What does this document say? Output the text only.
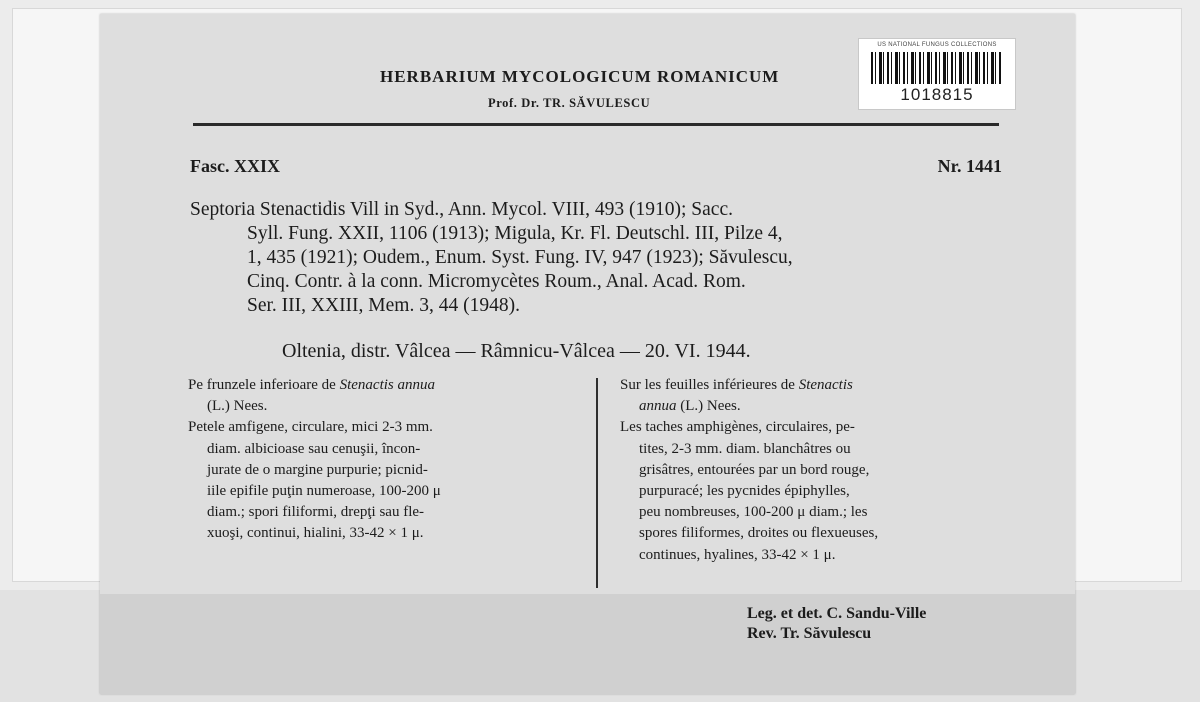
HERBARIUM MYCOLOGICUM ROMANICUM
Prof. Dr. TR. SĂVULESCU
US NATIONAL FUNGUS COLLECTIONS
1018815
Fasc. XXIX	Nr. 1441
Septoria Stenactidis Vill in Syd., Ann. Mycol. VIII, 493 (1910); Sacc.
Syll. Fung. XXII, 1106 (1913); Migula, Kr. Fl. Deutschl. III, Pilze 4,
1, 435 (1921); Oudem., Enum. Syst. Fung. IV, 947 (1923); Săvulescu,
Cinq. Contr. à la conn. Micromycètes Roum., Anal. Acad. Rom.
Ser. III, XXIII, Mem. 3, 44 (1948).
Oltenia, distr. Vâlcea — Râmnicu-Vâlcea — 20. VI. 1944.
Pe frunzele inferioare de Stenactis annua
(L.) Nees.
Petele amfigene, circulare, mici 2-3 mm.
diam. albicioase sau cenuşii, încon-
jurate de o margine purpurie; picnid-
iile epifile puţin numeroase, 100-200 μ
diam.; spori filiformi, drepţi sau fle-
xuoşi, continui, hialini, 33-42 × 1 μ.
Sur les feuilles inférieures de Stenactis
annua (L.) Nees.
Les taches amphigènes, circulaires, pe-
tites, 2-3 mm. diam. blanchâtres ou
grisâtres, entourées par un bord rouge,
purpuracé; les pycnides épiphylles,
peu nombreuses, 100-200 μ diam.; les
spores filiformes, droites ou flexueuses,
continues, hyalines, 33-42 × 1 μ.
Leg. et det. C. Sandu-Ville
Rev. Tr. Săvulescu
